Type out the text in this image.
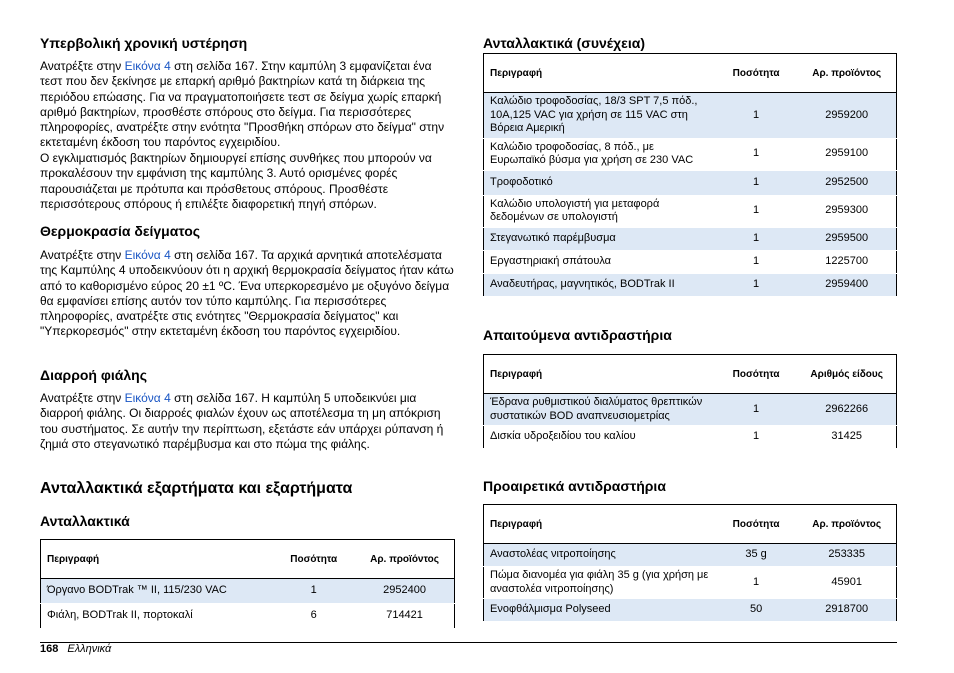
Υπερβολική χρονική υστέρηση

Ανατρέξτε στην Εικόνα 4 στη σελίδα 167. Στην καμπύλη 3 εμφανίζεται ένα τεστ που δεν ξεκίνησε με επαρκή αριθμό βακτηρίων κατά τη διάρκεια της περιόδου επώασης. Για να πραγματοποιήσετε τεστ σε δείγμα χωρίς επαρκή αριθμό βακτηρίων, προσθέστε σπόρους στο δείγμα. Για περισσότερες πληροφορίες, ανατρέξτε στην ενότητα "Προσθήκη σπόρων στο δείγμα" στην εκτεταμένη έκδοση του παρόντος εγχειριδίου.

Ο εγκλιματισμός βακτηρίων δημιουργεί επίσης συνθήκες που μπορούν να προκαλέσουν την εμφάνιση της καμπύλης 3. Αυτό ορισμένες φορές παρουσιάζεται με πρότυπα και πρόσθετους σπόρους. Προσθέστε περισσότερους σπόρους ή επιλέξτε διαφορετική πηγή σπόρων.

Θερμοκρασία δείγματος

Ανατρέξτε στην Εικόνα 4 στη σελίδα 167. Τα αρχικά αρνητικά αποτελέσματα της Καμπύλης 4 υποδεικνύουν ότι η αρχική θερμοκρασία δείγματος ήταν κάτω από το καθορισμένο εύρος 20 ±1 ºC. Ένα υπερκορεσμένο με οξυγόνο δείγμα θα εμφανίσει επίσης αυτόν τον τύπο καμπύλης. Για περισσότερες πληροφορίες, ανατρέξτε στις ενότητες "Θερμοκρασία δείγματος" και "Υπερκορεσμός" στην εκτεταμένη έκδοση του παρόντος εγχειριδίου.

Διαρροή φιάλης

Ανατρέξτε στην Εικόνα 4 στη σελίδα 167. Η καμπύλη 5 υποδεικνύει μια διαρροή φιάλης. Οι διαρροές φιαλών έχουν ως αποτέλεσμα τη μη απόκριση του συστήματος. Σε αυτήν την περίπτωση, εξετάστε εάν υπάρχει ρύπανση ή ζημιά στο στεγανωτικό παρέμβυσμα και στο πώμα της φιάλης.

Ανταλλακτικά εξαρτήματα και εξαρτήματα
Ανταλλακτικά
Περιγραφή	Ποσότητα	Αρ. προϊόντος
Όργανο BODTrak ™ II, 115/230 VAC	1	2952400
Φιάλη, BODTrak II, πορτοκαλί	6	714421
Ανταλλακτικά (συνέχεια)
Περιγραφή	Ποσότητα	Αρ. προϊόντος
Καλώδιο τροφοδοσίας, 18/3 SPT 7,5 πόδ., 10A,125 VAC για χρήση σε 115 VAC στη Βόρεια Αμερική	1	2959200
Καλώδιο τροφοδοσίας, 8 πόδ., με Ευρωπαϊκό βύσμα για χρήση σε 230 VAC	1	2959100
Τροφοδοτικό	1	2952500
Καλώδιο υπολογιστή για μεταφορά δεδομένων σε υπολογιστή	1	2959300
Στεγανωτικό παρέμβυσμα	1	2959500
Εργαστηριακή σπάτουλα	1	1225700
Αναδευτήρας, μαγνητικός, BODTrak II	1	2959400
Απαιτούμενα αντιδραστήρια
Περιγραφή	Ποσότητα	Αριθμός είδους
Έδρανα ρυθμιστικού διαλύματος θρεπτικών συστατικών BOD αναπνευσιομετρίας	1	2962266
Δισκία υδροξειδίου του καλίου	1	31425
Προαιρετικά αντιδραστήρια
Περιγραφή	Ποσότητα	Αρ. προϊόντος
Αναστολέας νιτροποίησης	35 g	253335
Πώμα διανομέα για φιάλη 35 g (για χρήση με αναστολέα νιτροποίησης)	1	45901
Ενοφθάλμισμα Polyseed	50	2918700
168 Ελληνικά
